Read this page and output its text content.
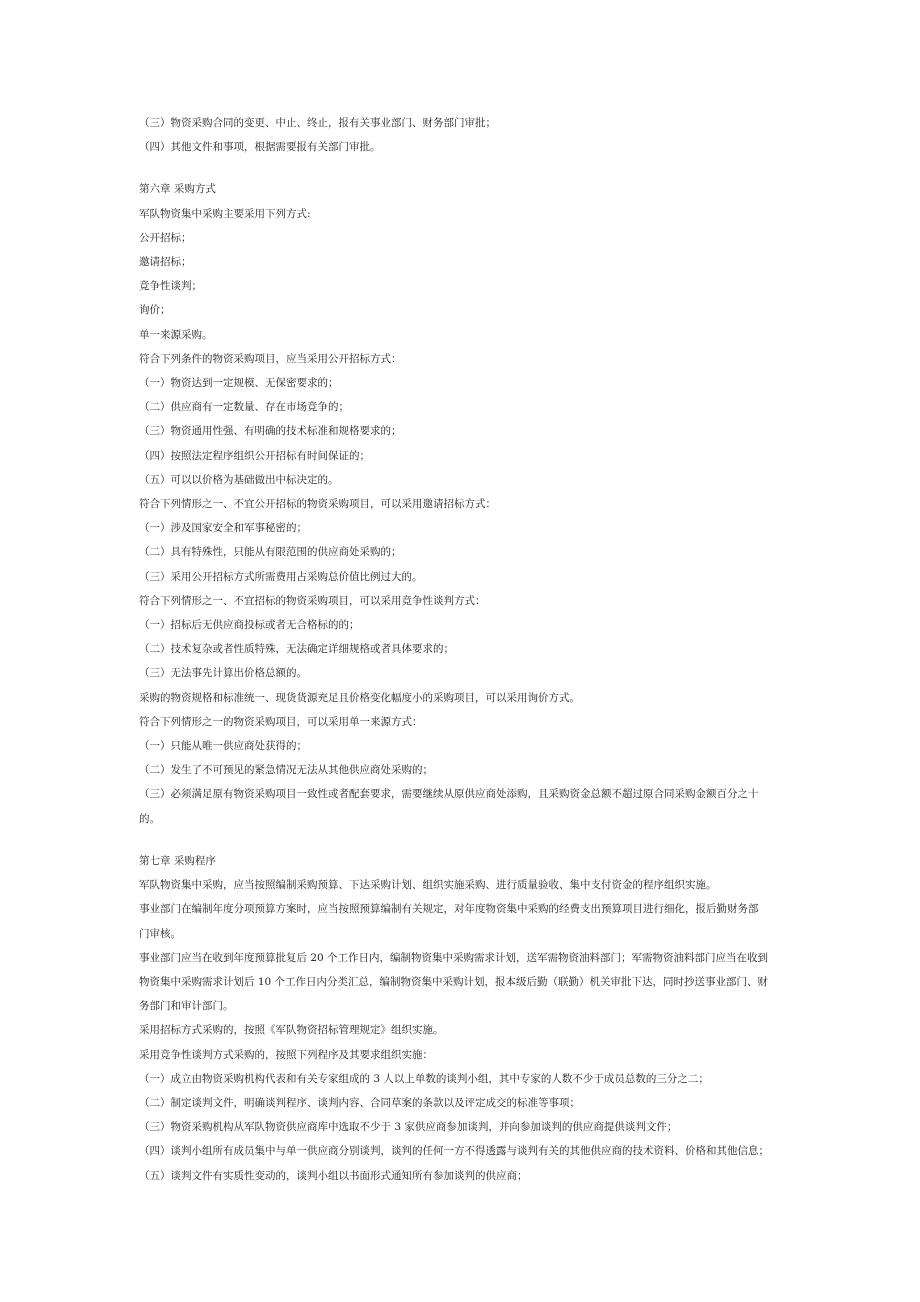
（三）物资采购合同的变更、中止、终止，报有关事业部门、财务部门审批；
（四）其他文件和事项，根据需要报有关部门审批。
第六章 采购方式
军队物资集中采购主要采用下列方式:
公开招标；
邀请招标；
竞争性谈判；
询价；
单一来源采购。
符合下列条件的物资采购项目，应当采用公开招标方式：
（一）物资达到一定规模、无保密要求的；
（二）供应商有一定数量、存在市场竞争的；
（三）物资通用性强、有明确的技术标准和规格要求的；
（四）按照法定程序组织公开招标有时间保证的；
（五）可以以价格为基础做出中标决定的。
符合下列情形之一、不宜公开招标的物资采购项目，可以采用邀请招标方式：
（一）涉及国家安全和军事秘密的；
（二）具有特殊性，只能从有限范围的供应商处采购的；
（三）采用公开招标方式所需费用占采购总价值比例过大的。
符合下列情形之一、不宜招标的物资采购项目，可以采用竞争性谈判方式：
（一）招标后无供应商投标或者无合格标的的；
（二）技术复杂或者性质特殊，无法确定详细规格或者具体要求的；
（三）无法事先计算出价格总额的。
采购的物资规格和标准统一、现货货源充足且价格变化幅度小的采购项目，可以采用询价方式。
符合下列情形之一的物资采购项目，可以采用单一来源方式：
（一）只能从唯一供应商处获得的；
（二）发生了不可预见的紧急情况无法从其他供应商处采购的；
（三）必须满足原有物资采购项目一致性或者配套要求，需要继续从原供应商处添购，且采购资金总额不超过原合同采购金额百分之十
的。
第七章 采购程序
军队物资集中采购，应当按照编制采购预算、下达采购计划、组织实施采购、进行质量验收、集中支付资金的程序组织实施。
事业部门在编制年度分项预算方案时，应当按照预算编制有关规定，对年度物资集中采购的经费支出预算项目进行细化，报后勤财务部
门审核。
事业部门应当在收到年度预算批复后 20 个工作日内，编制物资集中采购需求计划，送军需物资油料部门；军需物资油料部门应当在收到
物资集中采购需求计划后 10 个工作日内分类汇总，编制物资集中采购计划，报本级后勤（联勤）机关审批下达，同时抄送事业部门、财
务部门和审计部门。
采用招标方式采购的，按照《军队物资招标管理规定》组织实施。
采用竞争性谈判方式采购的，按照下列程序及其要求组织实施：
（一）成立由物资采购机构代表和有关专家组成的 3 人以上单数的谈判小组，其中专家的人数不少于成员总数的三分之二；
（二）制定谈判文件，明确谈判程序、谈判内容、合同草案的条款以及评定成交的标准等事项；
（三）物资采购机构从军队物资供应商库中选取不少于 3 家供应商参加谈判，并向参加谈判的供应商提供谈判文件；
（四）谈判小组所有成员集中与单一供应商分别谈判，谈判的任何一方不得透露与谈判有关的其他供应商的技术资料、价格和其他信息；
（五）谈判文件有实质性变动的，谈判小组以书面形式通知所有参加谈判的供应商；
